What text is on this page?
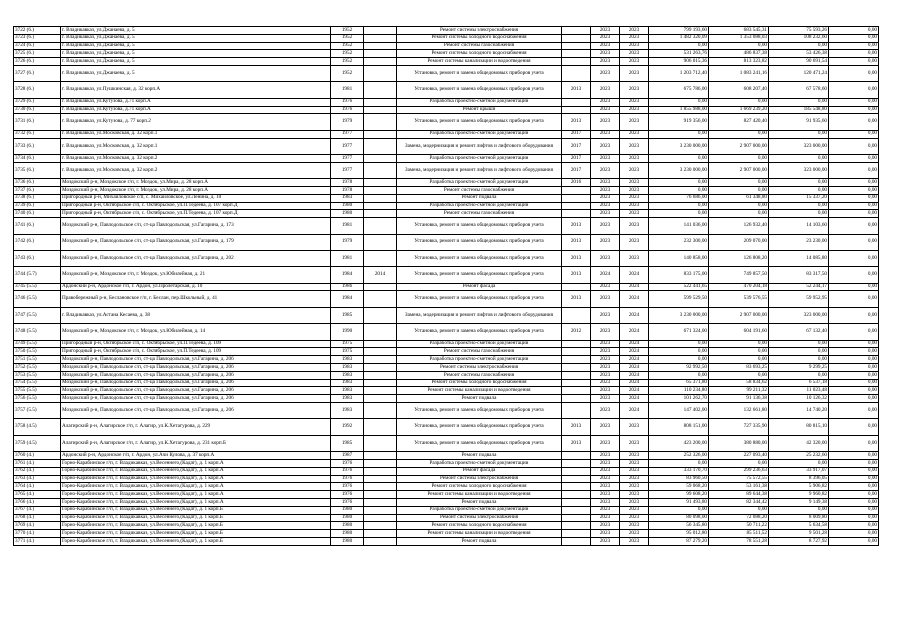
3722 (6.)	г. Владикавказ, ул.Джанаева, д. 5	1952		Ремонт системы электроснабжения		2023	2023	799 193,60	683 545,31	75 593,26	0,00
3723 (6.)	г. Владикавказ, ул.Джанаева, д. 5	1952		Ремонт системы холодного водоснабжения		2023	2023	1 482 320,09	1 353 088,03	108 232,60	0,00
3724 (6.)	г. Владикавказ, ул.Джанаева, д. 5	1952		Ремонт системы газоснабжения		2023	2023	0,00	0,00	0,00	0,00
3725 (6.)	г. Владикавказ, ул.Джанаева, д. 5	1952		Ремонт системы холодного водоснабжения		2023	2023	531 263,76	486 837,38	53 426,38	0,00
3726 (6.)	г. Владикавказ, ул.Джанаева, д. 5	1952		Ремонт системы канализации и водоотведения		2023	2023	906 015,36	813 323,82	90 691,54	0,00
3727 (6.)	г. Владикавказ, ул.Джанаева, д. 5	1952		Установка, ремонт и замена общедомовых приборов учета		2023	2023	1 203 712,40	1 083 241,16	120 471,24	0,00
3728 (6.)	г. Владикавказ, ул.Пушкинская, д. 32 корп.А	1981		Установка, ремонт и замена общедомовых приборов учета	2013	2023	2023	675 786,00	608 207,40	67 578,60	0,00
3729 (6.)	г. Владикавказ, ул.Кутузова, д.71 корп.А	1976		Разработка проектно-сметной документации		2023	2023	0,00	0,00	0,00	0,00
3730 (6.)	г. Владикавказ, ул.Кутузова, д.71 корп.А	1976		Ремонт крыши		2023	2023	1 855 988,00	1 669 239,20	185 548,80	0,00
3731 (6.)	г. Владикавказ, ул.Кутузова, д. 77 корп.2	1979		Установка, ремонт и замена общедомовых приборов учета	2013	2023	2023	919 356,00	827 420,40	91 935,60	0,00
3732 (6.)	г. Владикавказ, ул.Московская, д. 32 корп.1	1977		Разработка проектно-сметной документации	2017	2023	2023	0,00	0,00	0,00	0,00
3733 (6.)	г. Владикавказ, ул.Московская, д. 32 корп.1	1977		Замена, модернизация и ремонт лифтов и лифтового оборудования	2017	2023	2023	3 230 000,00	2 907 000,00	323 000,00	0,00
3734 (6.)	г. Владикавказ, ул.Московская, д. 32 корп.2	1977		Разработка проектно-сметной документации	2017	2023	2023	0,00	0,00	0,00	0,00
3735 (6.)	г. Владикавказ, ул.Московская, д. 32 корп.2	1977		Замена, модернизация и ремонт лифтов и лифтового оборудования	2017	2023	2023	3 230 000,00	2 907 000,00	323 000,00	0,00
3736 (6.)	Моздокский р-н, Моздокское г/п, г. Моздок, ул.Мира, д. 28 корп.А	1978		Разработка проектно-сметной документации	2016	2023	2023	0,00	0,00	0,00	0,00
3737 (6.)	Моздокский р-н, Моздокское г/п, г. Моздок, ул.Мира, д. 28 корп.А	1978		Ремонт системы газоснабжения		2023	2023	0,00	0,00	0,00	0,00
3738 (6.)	Пригородный р-н, Михайловское с/п, с. Михайловское, ул.Ленина, д. 10	1983		Ремонт подвала		2023	2023	76 686,00	61 348,80	15 337,20	0,00
3739 (6.)	Пригородный р-н, Октябрьское с/п, с. Октябрьское, ул.П.Тедеева, д. 107 корп.Д	1980		Разработка проектно-сметной документации		2023	2023	0,00	0,00	0,00	0,00
3740 (6.)	Пригородный р-н, Октябрьское с/п, с. Октябрьское, ул.П.Тедеева, д. 107 корп.Д	1980		Ремонт системы газоснабжения		2023	2023	0,00	0,00	0,00	0,00
3741 (6.)	Моздокский р-н, Павлодольское с/п, ст-ца Павлодольская, ул.Гагарина, д. 173	1981		Установка, ремонт и замена общедомовых приборов учета	2013	2023	2023	141 036,00	126 932,40	14 103,60	0,00
3742 (6.)	Моздокский р-н, Павлодольское с/п, ст-ца Павлодольская, ул.Гагарина, д. 179	1979		Установка, ремонт и замена общедомовых приборов учета	2013	2023	2023	232 300,00	209 070,00	23 230,00	0,00
3743 (6.)	Моздокский р-н, Павлодольское с/п, ст-ца Павлодольская, ул.Гагарина, д. 202	1981		Установка, ремонт и замена общедомовых приборов учета	2013	2023	2023	140 858,00	126 808,20	14 085,80	0,00
3744 (5.7)	Моздокский р-н, Моздокское г/п, г. Моздок, ул.Юбилейная, д. 21	1984	2014	Установка, ремонт и замена общедомовых приборов учета	2013	2024	2024	833 175,00	749 857,50	83 317,50	0,00
3745 (5.5)	Ардонский р-н, Ардонское г/п, г. Ардон, ул.Пролетарская, д. 10	1986		Ремонт фасада		2023	2024	522 441,65	470 204,18	52 244,17	0,00
3746 (5.5)	Правобережный р-н, Беслановское г/п, г. Беслан, пер.Школьный, д. 41	1984		Установка, ремонт и замена общедомовых приборов учета	2013	2023	2024	599 529,50	539 576,55	59 952,95	0,00
3747 (5.5)	г. Владикавказ, ул.Астана Кесаева, д. 38	1985		Замена, модернизация и ремонт лифтов и лифтового оборудования		2023	2024	3 230 000,00	2 907 000,00	323 000,00	0,00
3748 (5.5)	Моздокский р-н, Моздокское г/п, г. Моздок, ул.Юбилейная, д. 14	1990		Установка, ремонт и замена общедомовых приборов учета	2012	2023	2024	671 324,00	604 191,60	67 132,40	0,00
3749 (5.5)	Пригородный р-н, Октябрьское с/п, с. Октябрьское, ул.П.Тедеева, д. 109	1975		Разработка проектно-сметной документации		2023	2024	0,00	0,00	0,00	0,00
3750 (5.5)	Пригородный р-н, Октябрьское с/п, с. Октябрьское, ул.П.Тедеева, д. 109	1975		Ремонт системы газоснабжения		2023	2024	0,00	0,00	0,00	0,00
3751 (5.5)	Моздокский р-н, Павлодольское с/п, ст-ца Павлодольская, ул.Гагарина, д. 206	1983		Разработка проектно-сметной документации		2023	2024	0,00	0,00	0,00	0,00
3752 (5.5)	Моздокский р-н, Павлодольское с/п, ст-ца Павлодольская, ул.Гагарина, д. 206	1983		Ремонт системы электроснабжения		2023	2024	92 992,50	83 693,25	9 299,25	0,00
3753 (5.5)	Моздокский р-н, Павлодольское с/п, ст-ца Павлодольская, ул.Гагарина, д. 206	1983		Ремонт системы газоснабжения		2023	2024	0,00	0,00	0,00	0,00
3754 (5.5)	Моздокский р-н, Павлодольское с/п, ст-ца Павлодольская, ул.Гагарина, д. 206	1983		Ремонт системы холодного водоснабжения		2023	2024	65 371,80	58 834,62	6 537,18	0,00
3755 (5.5)	Моздокский р-н, Павлодольское с/п, ст-ца Павлодольская, ул.Гагарина, д. 206	1983		Ремонт системы канализации и водоотведения		2023	2024	110 234,80	99 211,32	11 023,48	0,00
3756 (5.5)	Моздокский р-н, Павлодольское с/п, ст-ца Павлодольская, ул.Гагарина, д. 206	1983		Ремонт подвала		2023	2024	101 262,70	91 136,38	10 126,32	0,00
3757 (5.5)	Моздокский р-н, Павлодольское с/п, ст-ца Павлодольская, ул.Гагарина, д. 206	1983		Установка, ремонт и замена общедомовых приборов учета		2023	2024	147 402,00	132 661,80	14 740,20	0,00
3758 (4.5)	Алагирский р-н, Алагирское г/п, г. Алагир, ул.К.Хетагурова, д. 229	1992		Установка, ремонт и замена общедомовых приборов учета	2013	2023	2023	808 151,00	727 335,90	80 815,10	0,00
3759 (4.5)	Алагирский р-н, Алагирское г/п, г. Алагир, ул.К.Хетагурова, д. 231 корп.Б	1985		Установка, ремонт и замена общедомовых приборов учета	2013	2023	2023	423 200,00	380 880,00	42 320,00	0,00
3760 (4.)	Ардонский р-н, Ардонское г/п, г. Ардон, ул.Ачи Кулова, д. 37 корп.А	1987		Ремонт подвала		2023	2023	252 326,00	227 093,40	25 232,60	0,00
3761 (4.)	Горно-Карабинское г/п, г. Владикавказ, ул.Весеннего,(Кадат), д. 1 корп.А	1976		Разработка проектно-сметной документации		2023	2023	0,00	0,00	0,00	0,00
3762 (4.)	Горно-Карабинское г/п, г. Владикавказ, ул.Весеннего,(Кадат), д. 1 корп.А	1976		Ремонт фасада		2023	2023	333 170,70	299 236,63	33 917,07	0,00
3763 (4.)	Горно-Карабинское г/п, г. Владикавказ, ул.Весеннего,(Кадат), д. 1 корп.А	1976		Ремонт системы электроснабжения		2023	2023	83 960,50	75 572,55	8 396,05	0,00
3764 (4.)	Горно-Карабинское г/п, г. Владикавказ, ул.Весеннего,(Кадат), д. 1 корп.А	1976		Ремонт системы холодного водоснабжения		2023	2023	59 068,20	53 161,38	5 906,82	0,00
3765 (4.)	Горно-Карабинское г/п, г. Владикавказ, ул.Весеннего,(Кадат), д. 1 корп.А	1976		Ремонт системы канализации и водоотведения		2023	2023	99 608,20	89 644,38	9 960,82	0,00
3766 (4.)	Горно-Карабинское г/п, г. Владикавказ, ул.Весеннего,(Кадат), д. 1 корп.А	1976		Ремонт подвала		2023	2023	91 493,80	82 344,42	9 149,38	0,00
3767 (4.)	Горно-Карабинское г/п, г. Владикавказ, ул.Весеннего,(Кадат), д. 1 корп.Б	1980		Разработка проектно-сметной документации		2023	2023	0,00	0,00	0,00	0,00
3768 (4.)	Горно-Карабинское г/п, г. Владикавказ, ул.Весеннего,(Кадат), д. 1 корп.Б	1980		Ремонт системы электроснабжения		2023	2023	80 098,00	72 088,20	8 009,80	0,00
3769 (4.)	Горно-Карабинское г/п, г. Владикавказ, ул.Весеннего,(Кадат), д. 1 корп.Б	1980		Ремонт системы холодного водоснабжения		2023	2023	56 345,80	50 711,22	5 634,58	0,00
3770 (4.)	Горно-Карабинское г/п, г. Владикавказ, ул.Весеннего,(Кадат), д. 1 корп.Б	1980		Ремонт системы канализации и водоотведения		2023	2023	95 012,80	85 511,52	9 501,28	0,00
3771 (4.)	Горно-Карабинское г/п, г. Владикавказ, ул.Весеннего,(Кадат), д. 1 корп.Б	1980		Ремонт подвала		2023	2023	87 279,20	78 551,28	8 727,92	0,00
